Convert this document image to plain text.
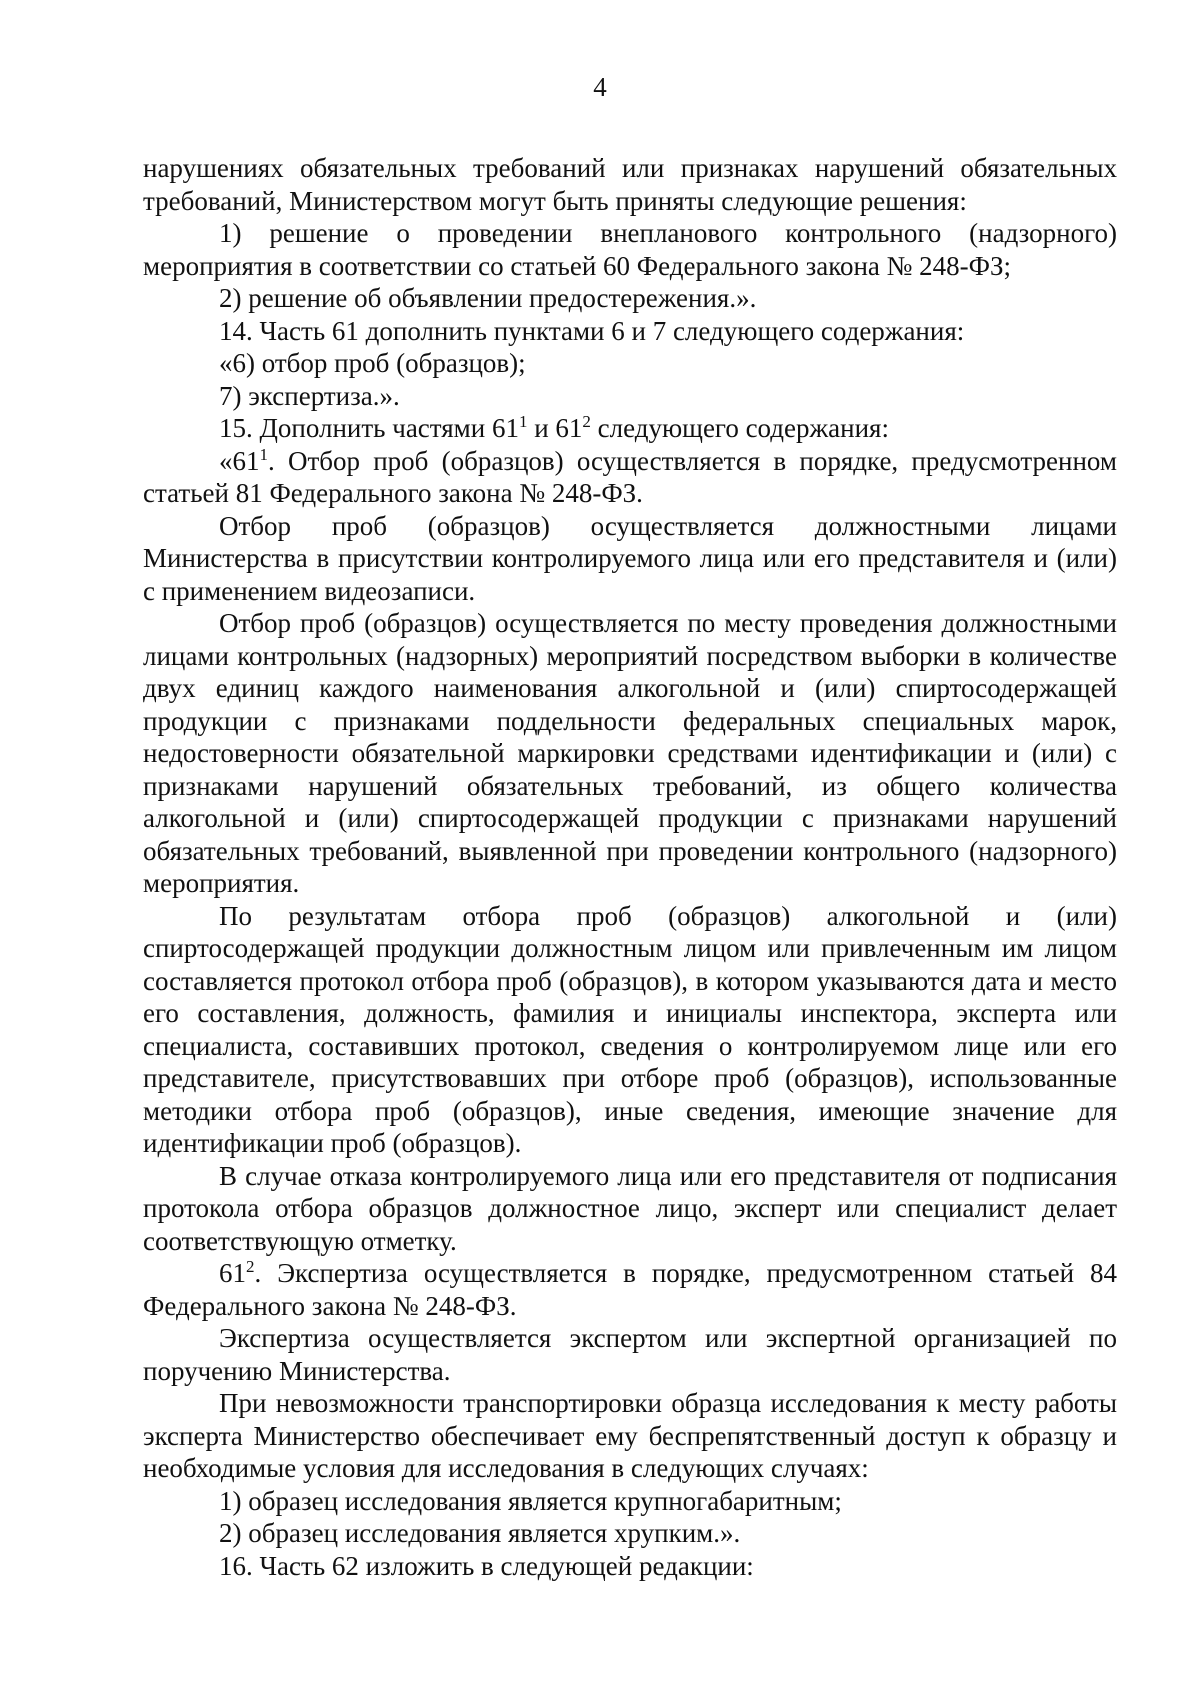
4

нарушениях обязательных требований или признаках нарушений обязательных требований, Министерством могут быть приняты следующие решения:

1) решение о проведении внепланового контрольного (надзорного) мероприятия в соответствии со статьей 60 Федерального закона № 248-ФЗ;

2) решение об объявлении предостережения.».

14. Часть 61 дополнить пунктами 6 и 7 следующего содержания:

«6) отбор проб (образцов);

7) экспертиза.».

15. Дополнить частями $61^1$ и $61^2$ следующего содержания:

«$61^1$. Отбор проб (образцов) осуществляется в порядке, предусмотренном статьей 81 Федерального закона № 248-ФЗ.

Отбор проб (образцов) осуществляется должностными лицами Министерства в присутствии контролируемого лица или его представителя и (или) с применением видеозаписи.

Отбор проб (образцов) осуществляется по месту проведения должностными лицами контрольных (надзорных) мероприятий посредством выборки в количестве двух единиц каждого наименования алкогольной и (или) спиртосодержащей продукции с признаками поддельности федеральных специальных марок, недостоверности обязательной маркировки средствами идентификации и (или) с признаками нарушений обязательных требований, из общего количества алкогольной и (или) спиртосодержащей продукции с признаками нарушений обязательных требований, выявленной при проведении контрольного (надзорного) мероприятия.

По результатам отбора проб (образцов) алкогольной и (или) спиртосодержащей продукции должностным лицом или привлеченным им лицом составляется протокол отбора проб (образцов), в котором указываются дата и место его составления, должность, фамилия и инициалы инспектора, эксперта или специалиста, составивших протокол, сведения о контролируемом лице или его представителе, присутствовавших при отборе проб (образцов), использованные методики отбора проб (образцов), иные сведения, имеющие значение для идентификации проб (образцов).

В случае отказа контролируемого лица или его представителя от подписания протокола отбора образцов должностное лицо, эксперт или специалист делает соответствующую отметку.

$61^2$. Экспертиза осуществляется в порядке, предусмотренном статьей 84 Федерального закона № 248-ФЗ.

Экспертиза осуществляется экспертом или экспертной организацией по поручению Министерства.

При невозможности транспортировки образца исследования к месту работы эксперта Министерство обеспечивает ему беспрепятственный доступ к образцу и необходимые условия для исследования в следующих случаях:

1) образец исследования является крупногабаритным;

2) образец исследования является хрупким.».

16. Часть 62 изложить в следующей редакции:
